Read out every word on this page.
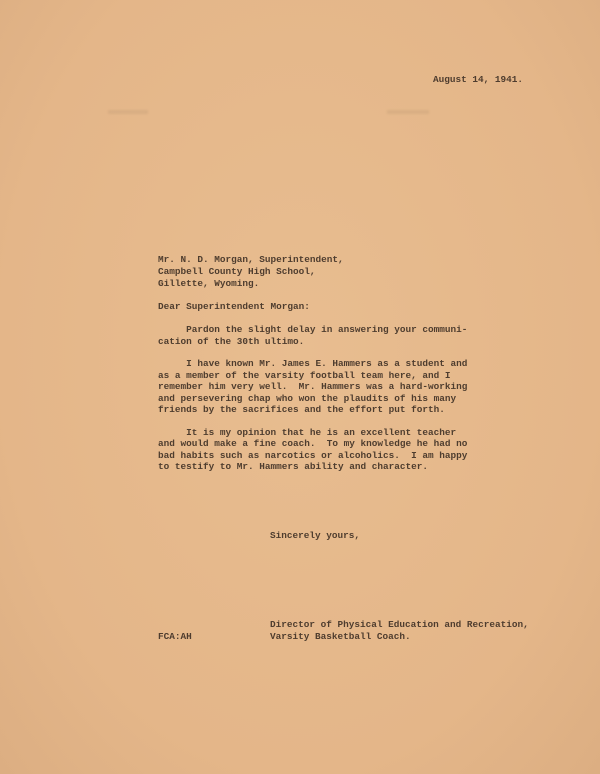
August 14, 1941.
Mr. N. D. Morgan, Superintendent,
Campbell County High School,
Gillette, Wyoming.
Dear Superintendent Morgan:
Pardon the slight delay in answering your communi-
cation of the 30th ultimo.
I have known Mr. James E. Hammers as a student and
as a member of the varsity football team here, and I
remember him very well.  Mr. Hammers was a hard-working
and persevering chap who won the plaudits of his many
friends by the sacrifices and the effort put forth.
It is my opinion that he is an excellent teacher
and would make a fine coach.  To my knowledge he had no
bad habits such as narcotics or alcoholics.  I am happy
to testify to Mr. Hammers ability and character.
Sincerely yours,
Director of Physical Education and Recreation,
Varsity Basketball Coach.
FCA:AH
